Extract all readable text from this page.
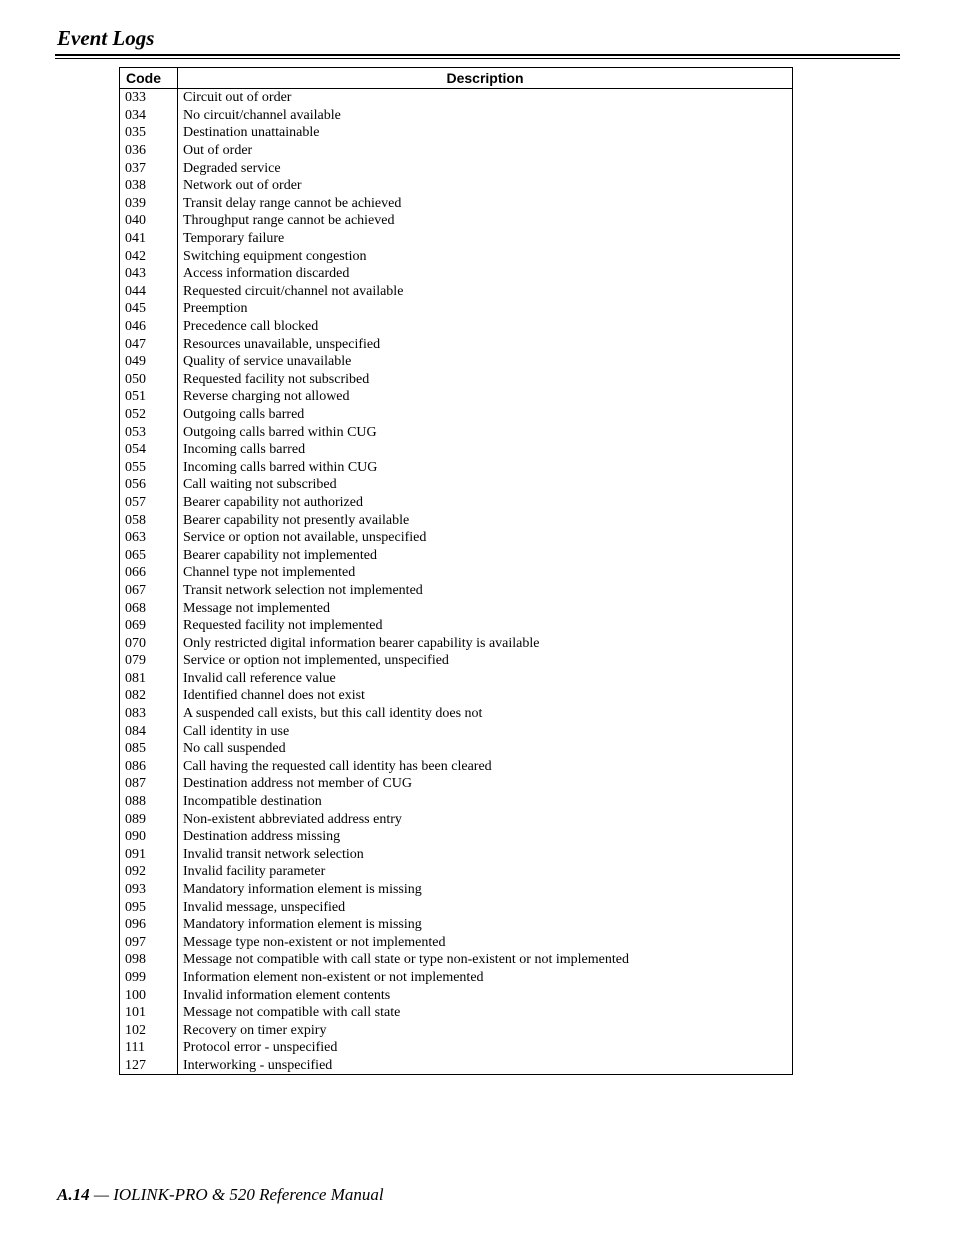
Event Logs
Code	Description
033	Circuit out of order
034	No circuit/channel available
035	Destination unattainable
036	Out of order
037	Degraded service
038	Network out of order
039	Transit delay range cannot be achieved
040	Throughput range cannot be achieved
041	Temporary failure
042	Switching equipment congestion
043	Access information discarded
044	Requested circuit/channel not available
045	Preemption
046	Precedence call blocked
047	Resources unavailable, unspecified
049	Quality of service unavailable
050	Requested facility not subscribed
051	Reverse charging not allowed
052	Outgoing calls barred
053	Outgoing calls barred within CUG
054	Incoming calls barred
055	Incoming calls barred within CUG
056	Call waiting not subscribed
057	Bearer capability not authorized
058	Bearer capability not presently available
063	Service or option not available, unspecified
065	Bearer capability not implemented
066	Channel type not implemented
067	Transit network selection not implemented
068	Message not implemented
069	Requested facility not implemented
070	Only restricted digital information bearer capability is available
079	Service or option not implemented, unspecified
081	Invalid call reference value
082	Identified channel does not exist
083	A suspended call exists, but this call identity does not
084	Call identity in use
085	No call suspended
086	Call having the requested call identity has been cleared
087	Destination address not member of CUG
088	Incompatible destination
089	Non-existent abbreviated address entry
090	Destination address missing
091	Invalid transit network selection
092	Invalid facility parameter
093	Mandatory information element is missing
095	Invalid message, unspecified
096	Mandatory information element is missing
097	Message type non-existent or not implemented
098	Message not compatible with call state or type non-existent or not implemented
099	Information element non-existent or not implemented
100	Invalid information element contents
101	Message not compatible with call state
102	Recovery on timer expiry
111	Protocol error - unspecified
127	Interworking - unspecified
A.14 — IOLINK-PRO & 520 Reference Manual
